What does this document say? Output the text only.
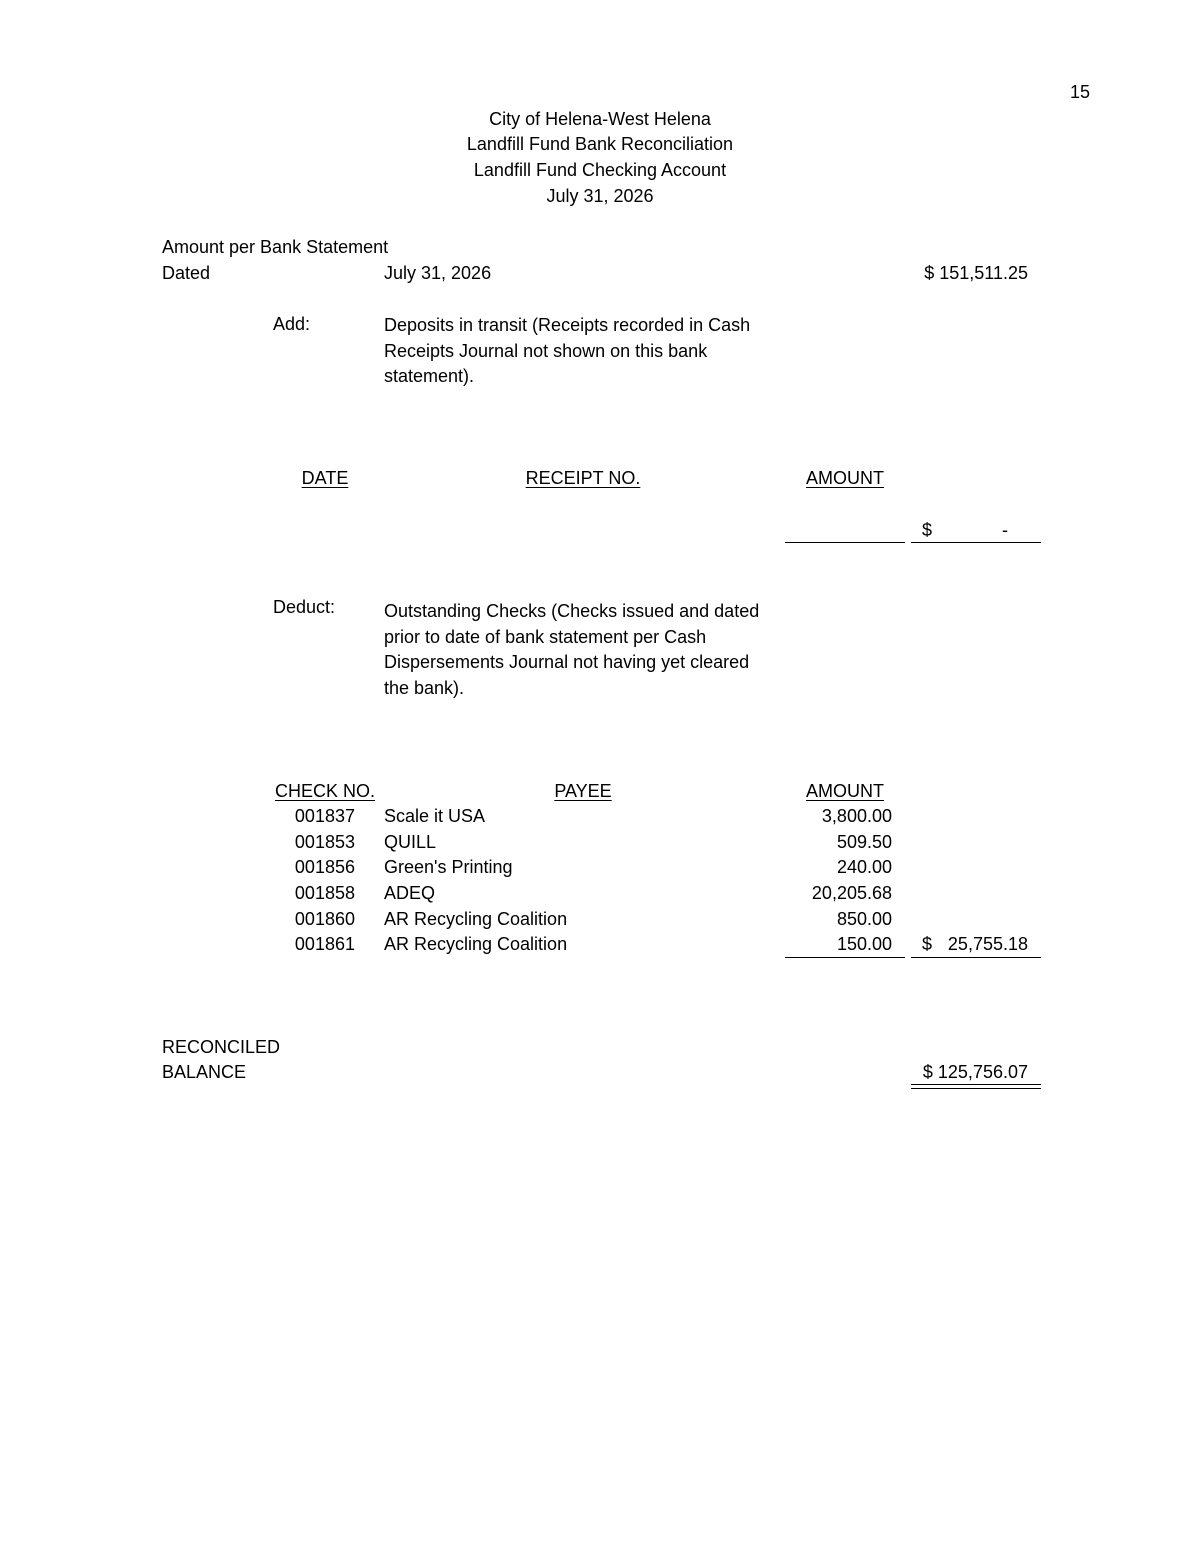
15
City of Helena-West Helena
Landfill Fund Bank Reconciliation
Landfill Fund Checking Account
July 31, 2026
Amount per Bank Statement
Dated	July 31, 2026	$ 151,511.25
Add:	Deposits in transit (Receipts recorded in Cash Receipts Journal not shown on this bank statement).
DATE	RECEIPT NO.	AMOUNT
$	-
Deduct:	Outstanding Checks (Checks issued and dated prior to date of bank statement per Cash Dispersements Journal not having yet cleared the bank).
CHECK NO.	PAYEE	AMOUNT
001837 Scale it USA	3,800.00
001853 QUILL	509.50
001856 Green's Printing	240.00
001858 ADEQ	20,205.68
001860 AR Recycling Coalition	850.00
001861 AR Recycling Coalition	150.00 $ 25,755.18
RECONCILED
BALANCE	$ 125,756.07
